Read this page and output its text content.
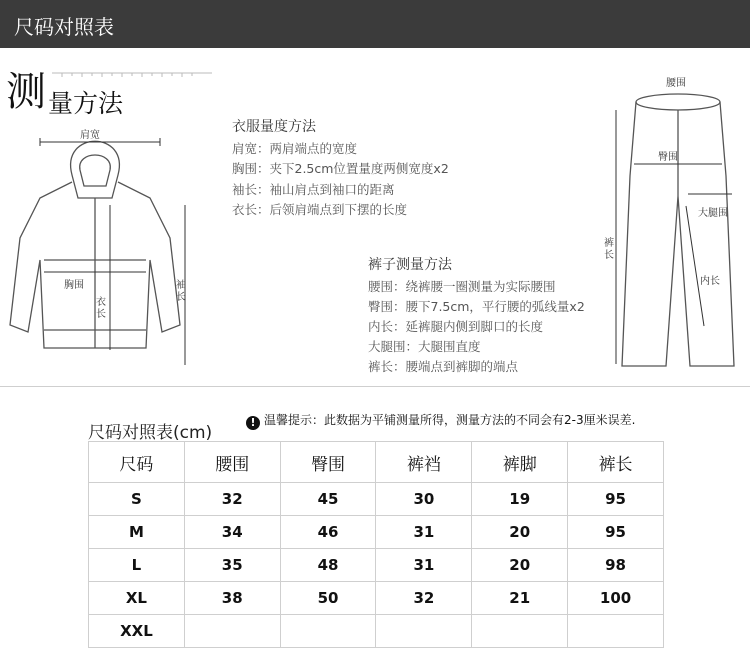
尺码对照表
测 量方法
肩宽
胸围
衣长
袖长
衣服量度方法
肩宽：两肩端点的宽度
胸围：夹下2.5cm位置量度两侧宽度x2
袖长：袖山肩点到袖口的距离
衣长：后领肩端点到下摆的长度
裤子测量方法
腰围：绕裤腰一圈测量为实际腰围
臀围：腰下7.5cm，平行腰的弧线量x2
内长：延裤腿内侧到脚口的长度
大腿围：大腿围直度
裤长：腰端点到裤脚的端点
腰围
臀围
大腿围
裤长
内长
尺码对照表(cm)
! 温馨提示：此数据为平铺测量所得，测量方法的不同会有2-3厘米误差.
尺码	腰围	臀围	裤裆	裤脚	裤长
S	32	45	30	19	95
M	34	46	31	20	95
L	35	48	31	20	98
XL	38	50	32	21	100
XXL					
